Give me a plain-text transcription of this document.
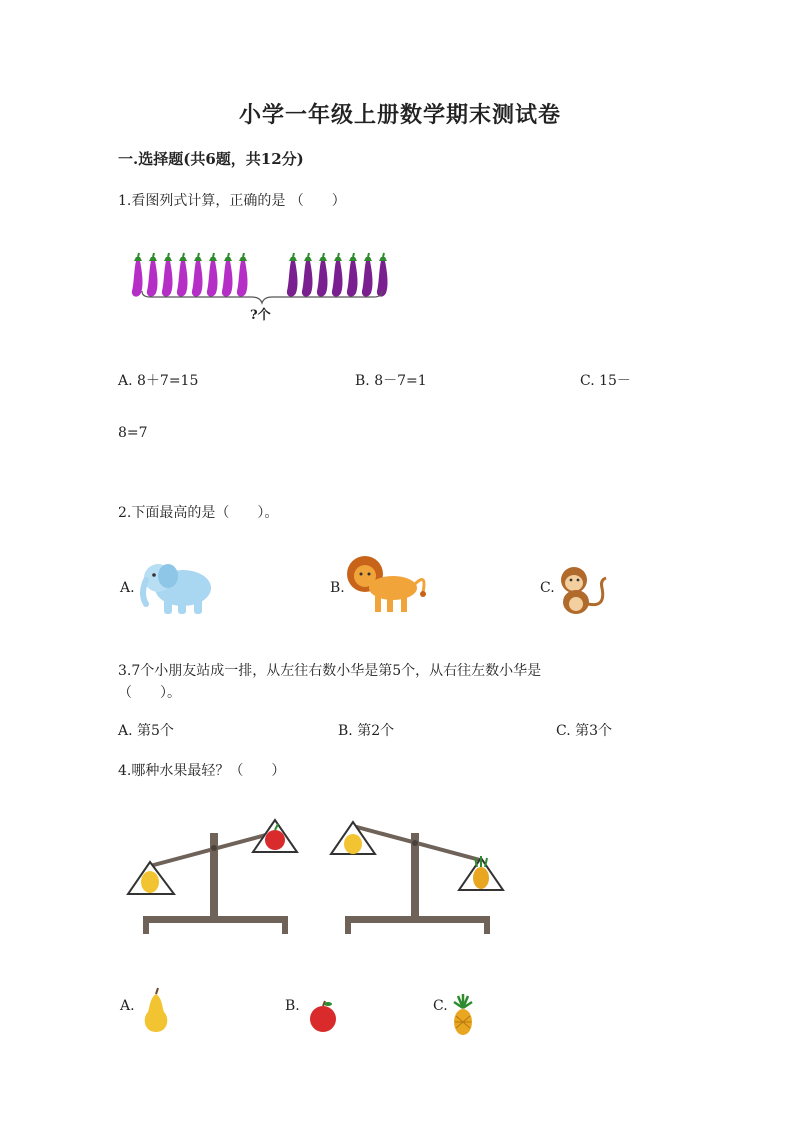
小学一年级上册数学期末测试卷
一.选择题(共6题，共12分)
1.看图列式计算，正确的是 （　　）
?个
A. 8＋7=15	B. 8－7=1	C. 15－
8=7
2.下面最高的是（　　）。
A.	B.	C.
3.7个小朋友站成一排，从左往右数小华是第5个，从右往左数小华是
（　　）。
A. 第5个	B. 第2个	C. 第3个
4.哪种水果最轻？（　　）
A.	B.	C.
